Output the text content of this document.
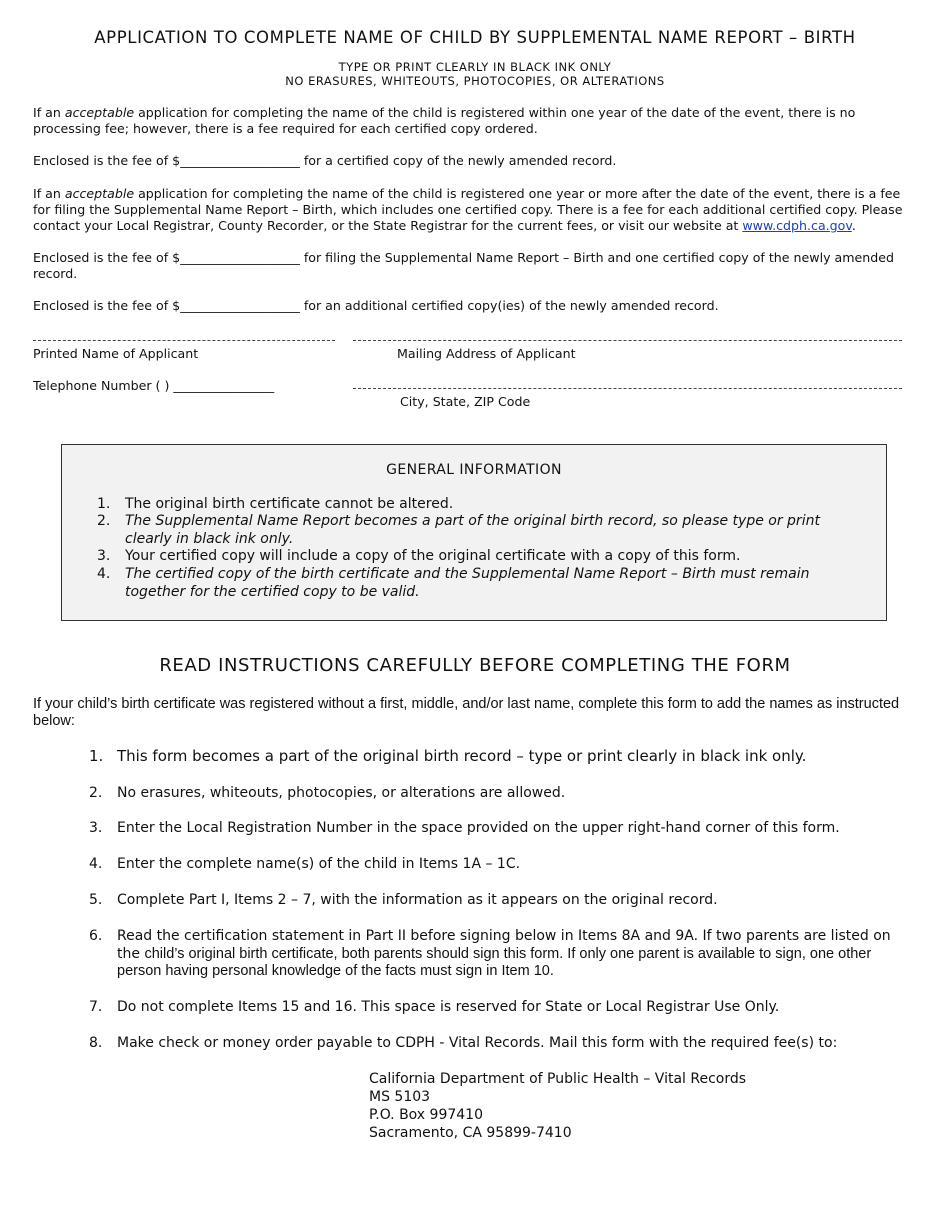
APPLICATION TO COMPLETE NAME OF CHILD BY SUPPLEMENTAL NAME REPORT – BIRTH
TYPE OR PRINT CLEARLY IN BLACK INK ONLY
NO ERASURES, WHITEOUTS, PHOTOCOPIES, OR ALTERATIONS
If an acceptable application for completing the name of the child is registered within one year of the date of the event, there is no processing fee; however, there is a fee required for each certified copy ordered.
Enclosed is the fee of $___________________ for a certified copy of the newly amended record.
If an acceptable application for completing the name of the child is registered one year or more after the date of the event, there is a fee for filing the Supplemental Name Report – Birth, which includes one certified copy. There is a fee for each additional certified copy. Please contact your Local Registrar, County Recorder, or the State Registrar for the current fees, or visit our website at www.cdph.ca.gov.
Enclosed is the fee of $___________________ for filing the Supplemental Name Report – Birth and one certified copy of the newly amended record.
Enclosed is the fee of $___________________ for an additional certified copy(ies) of the newly amended record.
Printed Name of Applicant	Mailing Address of Applicant
Telephone Number ( ) ________________
City, State, ZIP Code
GENERAL INFORMATION
1. The original birth certificate cannot be altered.
2. The Supplemental Name Report becomes a part of the original birth record, so please type or print clearly in black ink only.
3. Your certified copy will include a copy of the original certificate with a copy of this form.
4. The certified copy of the birth certificate and the Supplemental Name Report – Birth must remain together for the certified copy to be valid.
READ INSTRUCTIONS CAREFULLY BEFORE COMPLETING THE FORM
If your child’s birth certificate was registered without a first, middle, and/or last name, complete this form to add the names as instructed below:
1. This form becomes a part of the original birth record – type or print clearly in black ink only.
2. No erasures, whiteouts, photocopies, or alterations are allowed.
3. Enter the Local Registration Number in the space provided on the upper right-hand corner of this form.
4. Enter the complete name(s) of the child in Items 1A – 1C.
5. Complete Part I, Items 2 – 7, with the information as it appears on the original record.
6. Read the certification statement in Part II before signing below in Items 8A and 9A. If two parents are listed on the child’s original birth certificate, both parents should sign this form. If only one parent is available to sign, one other person having personal knowledge of the facts must sign in Item 10.
7. Do not complete Items 15 and 16. This space is reserved for State or Local Registrar Use Only.
8. Make check or money order payable to CDPH - Vital Records. Mail this form with the required fee(s) to:
California Department of Public Health – Vital Records
MS 5103
P.O. Box 997410
Sacramento, CA 95899-7410
